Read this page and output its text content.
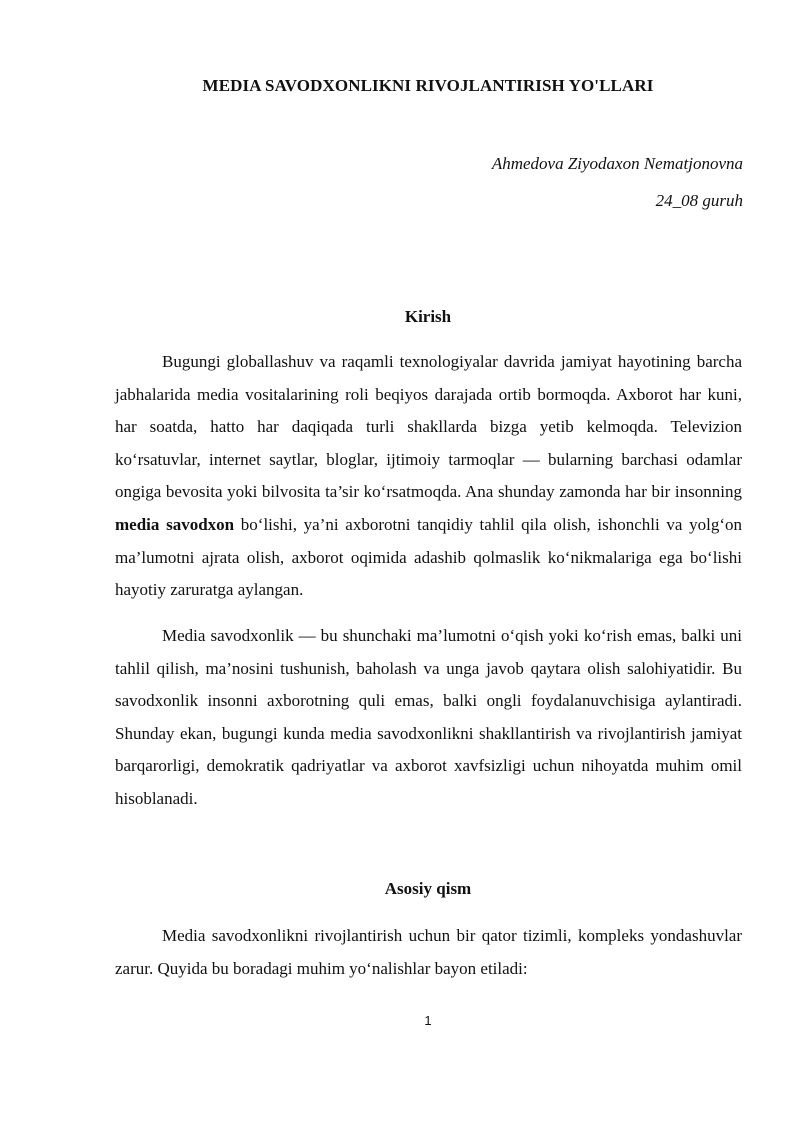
MEDIA SAVODXONLIKNI RIVOJLANTIRISH YO'LLARI
Ahmedova Ziyodaxon Nematjonovna
24_08 guruh
Kirish

Bugungi globallashuv va raqamli texnologiyalar davrida jamiyat hayotining barcha jabhalarida media vositalarining roli beqiyos darajada ortib bormoqda. Axborot har kuni, har soatda, hatto har daqiqada turli shakllarda bizga yetib kelmoqda. Televizion ko‘rsatuvlar, internet saytlar, bloglar, ijtimoiy tarmoqlar — bularning barchasi odamlar ongiga bevosita yoki bilvosita ta’sir ko‘rsatmoqda. Ana shunday zamonda har bir insonning media savodxon bo‘lishi, ya’ni axborotni tanqidiy tahlil qila olish, ishonchli va yolg‘on ma’lumotni ajrata olish, axborot oqimida adashib qolmaslik ko‘nikmalariga ega bo‘lishi hayotiy zaruratga aylangan.

Media savodxonlik — bu shunchaki ma’lumotni o‘qish yoki ko‘rish emas, balki uni tahlil qilish, ma’nosini tushunish, baholash va unga javob qaytara olish salohiyatidir. Bu savodxonlik insonni axborotning quli emas, balki ongli foydalanuvchisiga aylantiradi. Shunday ekan, bugungi kunda media savodxonlikni shakllantirish va rivojlantirish jamiyat barqarorligi, demokratik qadriyatlar va axborot xavfsizligi uchun nihoyatda muhim omil hisoblanadi.

Asosiy qism

Media savodxonlikni rivojlantirish uchun bir qator tizimli, kompleks yondashuvlar zarur. Quyida bu boradagi muhim yo‘nalishlar bayon etiladi:

1
